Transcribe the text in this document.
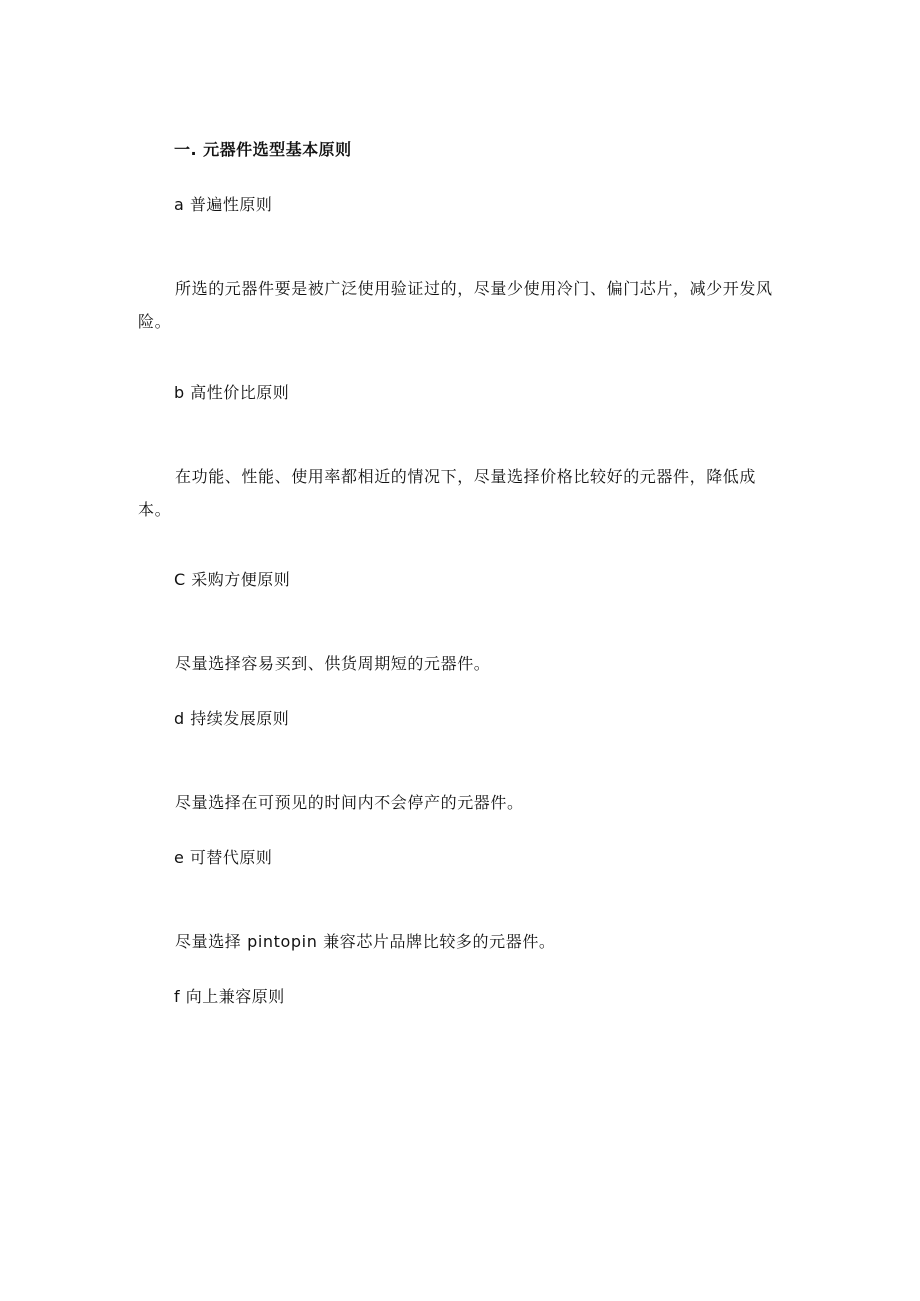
一. 元器件选型基本原则
a 普遍性原则
所选的元器件要是被广泛使用验证过的，尽量少使用冷门、偏门芯片，减少开发风险。
b 高性价比原则
在功能、性能、使用率都相近的情况下，尽量选择价格比较好的元器件，降低成本。
C 采购方便原则
尽量选择容易买到、供货周期短的元器件。
d 持续发展原则
尽量选择在可预见的时间内不会停产的元器件。
e 可替代原则
尽量选择 pintopin 兼容芯片品牌比较多的元器件。
f 向上兼容原则
